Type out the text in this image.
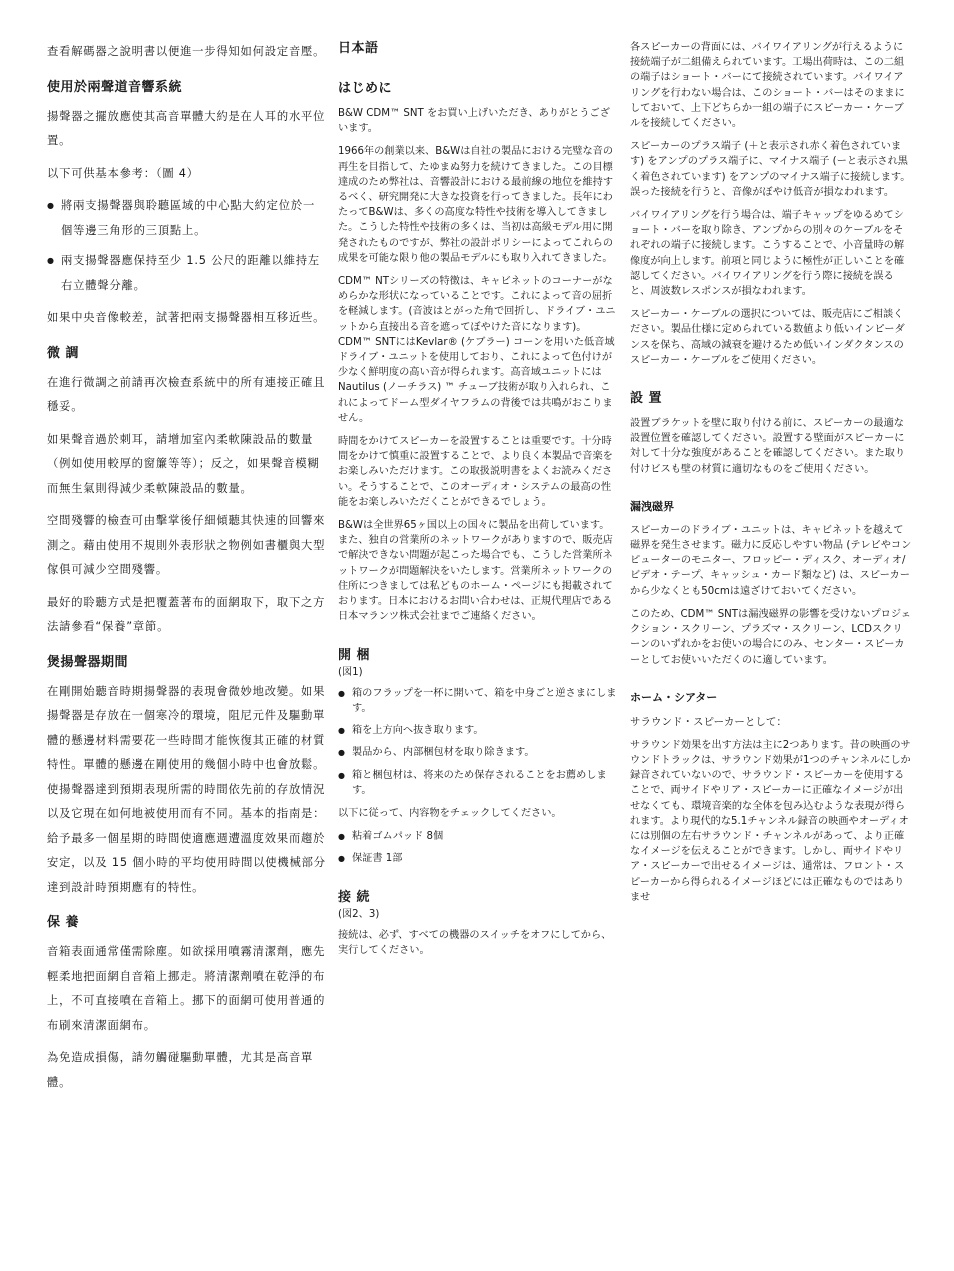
查看解碼器之說明書以便進一步得知如何設定音壓。

使用於兩聲道音響系統

揚聲器之擺放應使其高音單體大約是在人耳的水平位置。

以下可供基本參考：（圖 4）

● 將兩支揚聲器與聆聽區域的中心點大約定位於一個等邊三角形的三頂點上。
● 兩支揚聲器應保持至少 1.5 公尺的距離以維持左右立體聲分離。

如果中央音像較差，試著把兩支揚聲器相互移近些。

微 調

在進行微調之前請再次檢查系統中的所有連接正確且穩妥。

如果聲音過於刺耳，請增加室內柔軟陳設品的數量（例如使用較厚的窗簾等等）；反之，如果聲音模糊而無生氣則得減少柔軟陳設品的數量。

空間殘響的檢查可由擊掌後仔細傾聽其快速的回響來測之。藉由使用不規則外表形狀之物例如書櫃與大型傢俱可減少空間殘響。

最好的聆聽方式是把覆蓋著布的面網取下，取下之方法請參看“保養”章節。

煲揚聲器期間

在剛開始聽音時期揚聲器的表現會微妙地改變。如果揚聲器是存放在一個寒冷的環境，阻尼元件及驅動單體的懸邊材料需要花一些時間才能恢復其正確的材質特性。單體的懸邊在剛使用的幾個小時中也會放鬆。使揚聲器達到預期表現所需的時間依先前的存放情況以及它現在如何地被使用而有不同。基本的指南是：給予最多一個星期的時間使適應週遭溫度效果而趨於安定，以及 15 個小時的平均使用時間以使機械部分達到設計時預期應有的特性。

保 養

音箱表面通常僅需除塵。如欲採用噴霧清潔劑，應先輕柔地把面網自音箱上挪走。將清潔劑噴在乾淨的布上，不可直接噴在音箱上。挪下的面網可使用普通的布刷來清潔面網布。

為免造成損傷，請勿觸碰驅動單體，尤其是高音單體。

日本語
はじめに

B&W CDM™ SNT をお買い上げいただき、ありがとうございます。

1966年の創業以来、B&Wは自社の製品における完璧な音の再生を目指して、たゆまぬ努力を続けてきました。この目標達成のため弊社は、音響設計における最前線の地位を維持するべく、研究開発に大きな投資を行ってきました。長年にわたってB&Wは、多くの高度な特性や技術を導入してきました。こうした特性や技術の多くは、当初は高級モデル用に開発されたものですが、弊社の設計ポリシーによってこれらの成果を可能な限り他の製品モデルにも取り入れてきました。

CDM™ NTシリーズの特徴は、キャビネットのコーナーがなめらかな形状になっていることです。これによって音の屈折を軽減します。(音波はとがった角で回折し、ドライブ・ユニットから直接出る音を遮ってぼやけた音になります)。CDM™ SNTにはKevlar® (ケブラー) コーンを用いた低音域ドライブ・ユニットを使用しており、これによって色付けが少なく鮮明度の高い音が得られます。高音域ユニットにはNautilus (ノーチラス) ™ チューブ技術が取り入れられ、これによってドーム型ダイヤフラムの背後では共鳴がおこりません。

時間をかけてスピーカーを設置することは重要です。十分時間をかけて慎重に設置することで、より良く本製品で音楽をお楽しみいただけます。この取扱説明書をよくお読みください。そうすることで、このオーディオ・システムの最高の性能をお楽しみいただくことができるでしょう。

B&Wは全世界65ヶ国以上の国々に製品を出荷しています。また、独自の営業所のネットワークがありますので、販売店で解決できない問題が起こった場合でも、こうした営業所ネットワークが問題解決をいたします。営業所ネットワークの住所につきましては私どものホーム・ページにも掲載されております。日本におけるお問い合わせは、正規代理店である日本マランツ株式会社までご連絡ください。

開 梱

(図1)

● 箱のフラップを一杯に開いて、箱を中身ごと逆さまにします。
● 箱を上方向へ抜き取ります。
● 製品から、内部梱包材を取り除きます。
● 箱と梱包材は、将来のため保存されることをお薦めします。

以下に従って、内容物をチェックしてください。

● 粘着ゴムパッド 8個
● 保証書 1部
接 続

(図2、3)

接続は、必ず、すべての機器のスイッチをオフにしてから、実行してください。

各スピーカーの背面には、バイワイアリングが行えるように接続端子が二組備えられています。工場出荷時は、この二組の端子はショート・バーにて接続されています。バイワイアリングを行わない場合は、このショート・バーはそのままにしておいて、上下どちらか一組の端子にスピーカー・ケーブルを接続してください。

スピーカーのプラス端子 (＋と表示され赤く着色されています) をアンプのプラス端子に、マイナス端子 (ーと表示され黒く着色されています) をアンプのマイナス端子に接続します。誤った接続を行うと、音像がぼやけ低音が損なわれます。

バイワイアリングを行う場合は、端子キャップをゆるめてショート・バーを取り除き、アンプからの別々のケーブルをそれぞれの端子に接続します。こうすることで、小音量時の解像度が向上します。前項と同じように極性が正しいことを確認してください。バイワイアリングを行う際に接続を誤ると、周波数レスポンスが損なわれます。

スピーカー・ケーブルの選択については、販売店にご相談ください。製品仕様に定められている数値より低いインピーダンスを保ち、高域の減衰を避けるため低いインダクタンスのスピーカー・ケーブルをご使用ください。

設 置

設置ブラケットを壁に取り付ける前に、スピーカーの最適な設置位置を確認してください。設置する壁面がスピーカーに対して十分な強度があることを確認してください。また取り付けビスも壁の材質に適切なものをご使用ください。

漏洩磁界

スピーカーのドライブ・ユニットは、キャビネットを越えて磁界を発生させます。磁力に反応しやすい物品 (テレビやコンピューターのモニター、フロッピー・ディスク、オーディオ/ビデオ・テープ、キャッシュ・カード類など) は、スピーカーから少なくとも50cmは遠ざけておいてください。

このため、CDM™ SNTは漏洩磁界の影響を受けないプロジェクション・スクリーン、プラズマ・スクリーン、LCDスクリーンのいずれかをお使いの場合にのみ、センター・スピーカーとしてお使いいただくのに適しています。

ホーム・シアター
サラウンド・スピーカーとして：

サラウンド効果を出す方法は主に2つあります。昔の映画のサウンドトラックは、サラウンド効果が1つのチャンネルにしか録音されていないので、サラウンド・スピーカーを使用することで、両サイドやリア・スピーカーに正確なイメージが出せなくても、環境音楽的な全体を包み込むような表現が得られます。より現代的な5.1チャンネル録音の映画やオーディオには別個の左右サラウンド・チャンネルがあって、より正確なイメージを伝えることができます。しかし、両サイドやリア・スピーカーで出せるイメージは、通常は、フロント・スピーカーから得られるイメージほどには正確なものではありませ
